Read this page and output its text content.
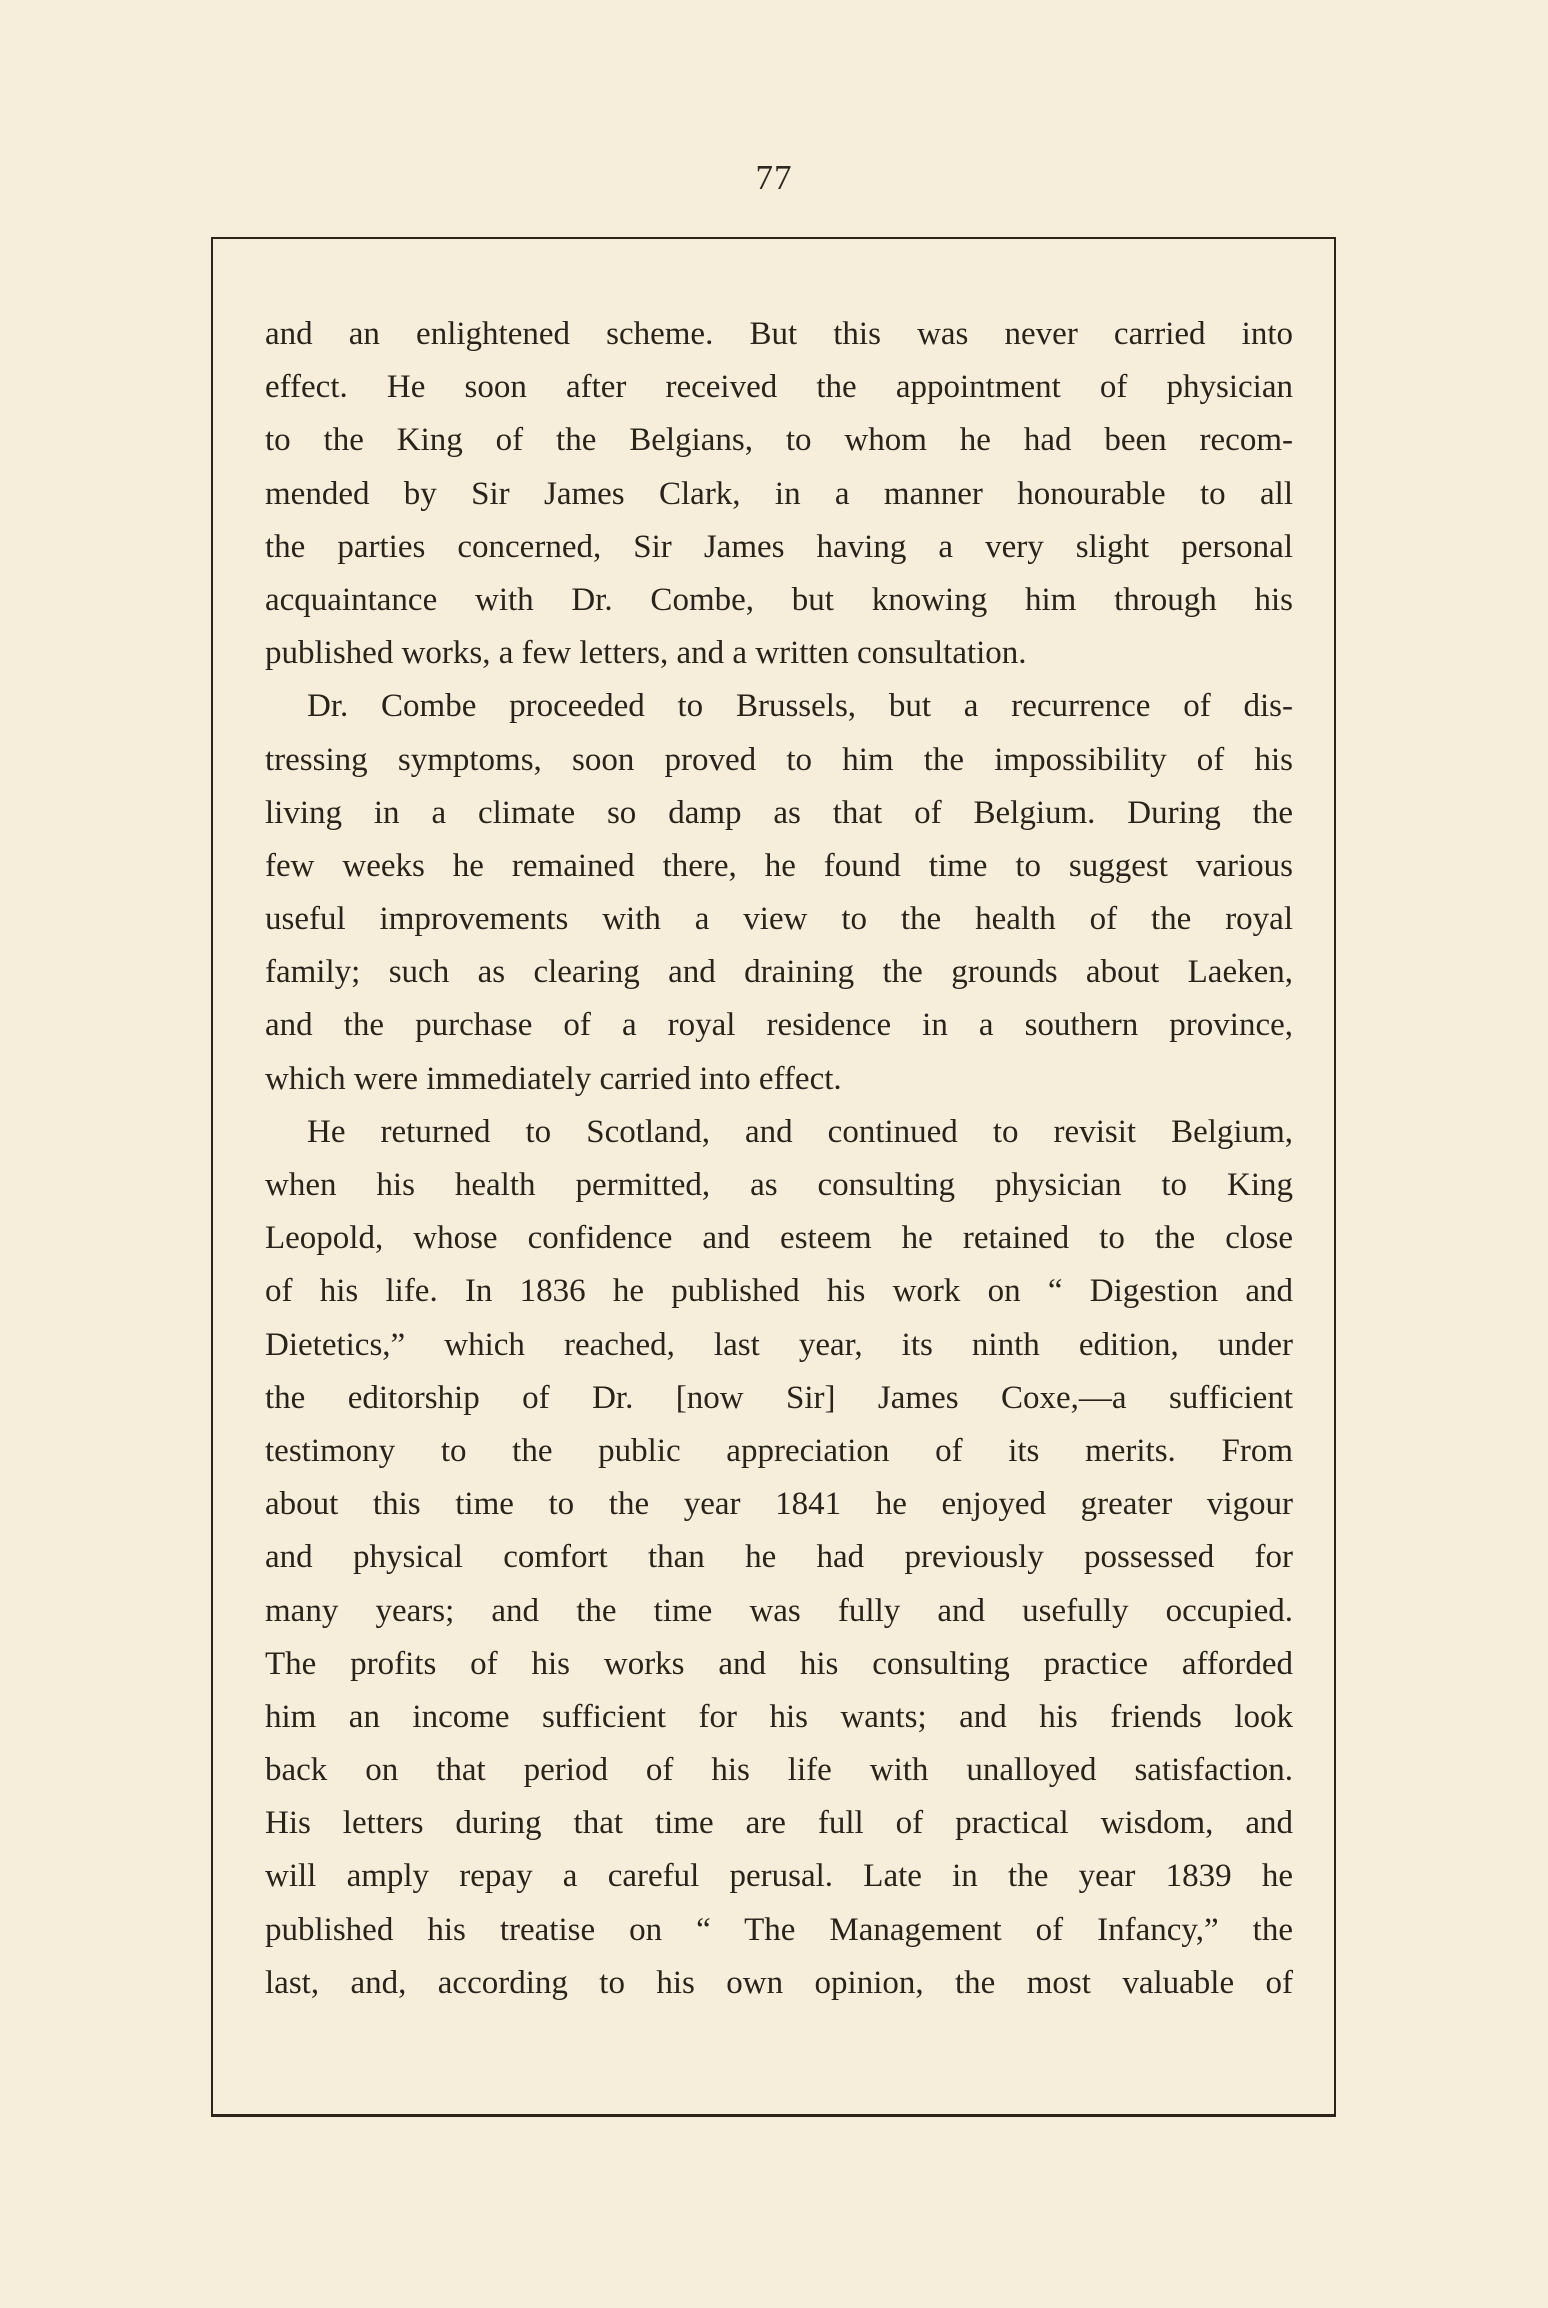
77
and an enlightened scheme. But this was never carried into
effect. He soon after received the appointment of physician
to the King of the Belgians, to whom he had been recom-
mended by Sir James Clark, in a manner honourable to all
the parties concerned, Sir James having a very slight personal
acquaintance with Dr. Combe, but knowing him through his
published works, a few letters, and a written consultation.
Dr. Combe proceeded to Brussels, but a recurrence of dis-
tressing symptoms, soon proved to him the impossibility of his
living in a climate so damp as that of Belgium. During the
few weeks he remained there, he found time to suggest various
useful improvements with a view to the health of the royal
family; such as clearing and draining the grounds about Laeken,
and the purchase of a royal residence in a southern province,
which were immediately carried into effect.
He returned to Scotland, and continued to revisit Belgium,
when his health permitted, as consulting physician to King
Leopold, whose confidence and esteem he retained to the close
of his life. In 1836 he published his work on “ Digestion and
Dietetics,” which reached, last year, its ninth edition, under
the editorship of Dr. [now Sir] James Coxe,—a sufficient
testimony to the public appreciation of its merits. From
about this time to the year 1841 he enjoyed greater vigour
and physical comfort than he had previously possessed for
many years; and the time was fully and usefully occupied.
The profits of his works and his consulting practice afforded
him an income sufficient for his wants; and his friends look
back on that period of his life with unalloyed satisfaction.
His letters during that time are full of practical wisdom, and
will amply repay a careful perusal. Late in the year 1839 he
published his treatise on “ The Management of Infancy,” the
last, and, according to his own opinion, the most valuable of
